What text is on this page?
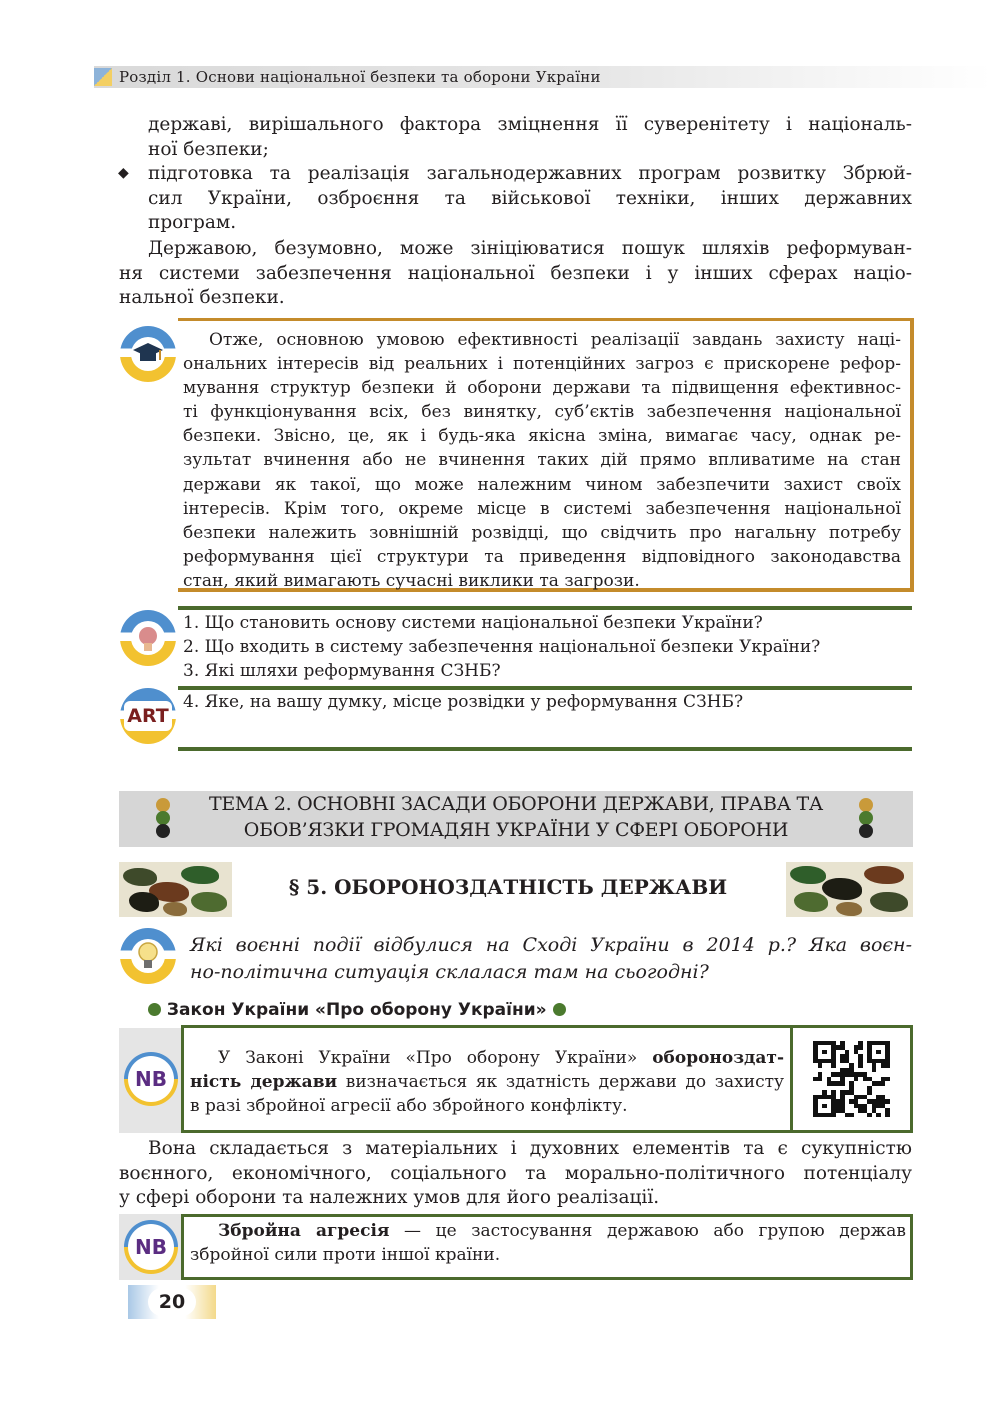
Розділ 1. Основи національної безпеки та оборони України
державі, вирішального фактора зміцнення її суверенітету і національ-
ної безпеки;
◆ підготовка та реалізація загальнодержавних програм розвитку Збрюй-
сил України, озброєння та військової техніки, інших державних
програм.
Державою, безумовно, може зініціюватися пошук шляхів реформуван-
ня системи забезпечення національної безпеки і у інших сферах націо-
нальної безпеки.
Отже, основною умовою ефективності реалізації завдань захисту наці-
ональних інтересів від реальних і потенційних загроз є прискорене рефор-
мування структур безпеки й оборони держави та підвищення ефективнос-
ті функціонування всіх, без винятку, суб’єктів забезпечення національної
безпеки. Звісно, це, як і будь-яка якісна зміна, вимагає часу, однак ре-
зультат вчинення або не вчинення таких дій прямо впливатиме на стан
держави як такої, що може належним чином забезпечити захист своїх
інтересів. Крім того, окреме місце в системі забезпечення національної
безпеки належить зовнішній розвідці, що свідчить про нагальну потребу
реформування цієї структури та приведення відповідного законодавства
стан, який вимагають сучасні виклики та загрози.
1. Що становить основу системи національної безпеки України?
2. Що входить в систему забезпечення національної безпеки України?
3. Які шляхи реформування СЗНБ?
ART
4. Яке, на вашу думку, місце розвідки у реформування СЗНБ?
ТЕМА 2. ОСНОВНІ ЗАСАДИ ОБОРОНИ ДЕРЖАВИ, ПРАВА ТА
ОБОВ’ЯЗКИ ГРОМАДЯН УКРАЇНИ У СФЕРІ ОБОРОНИ
§ 5. ОБОРОНОЗДАТНІСТЬ ДЕРЖАВИ
Які воєнні події відбулися на Сході України в 2014 р.? Яка воєн-
но-політична ситуація склалася там на сьогодні?
Закон України «Про оборону України»
NB
У Законі України «Про оборону України» обороноздат-
ність держави визначається як здатність держави до захисту
в разі збройної агресії або збройного конфлікту.
Вона складається з матеріальних і духовних елементів та є сукупністю
воєнного, економічного, соціального та морально-політичного потенціалу
у сфері оборони та належних умов для його реалізації.
NB
Збройна агресія — це застосування державою або групою держав
збройної сили проти іншої країни.
20
